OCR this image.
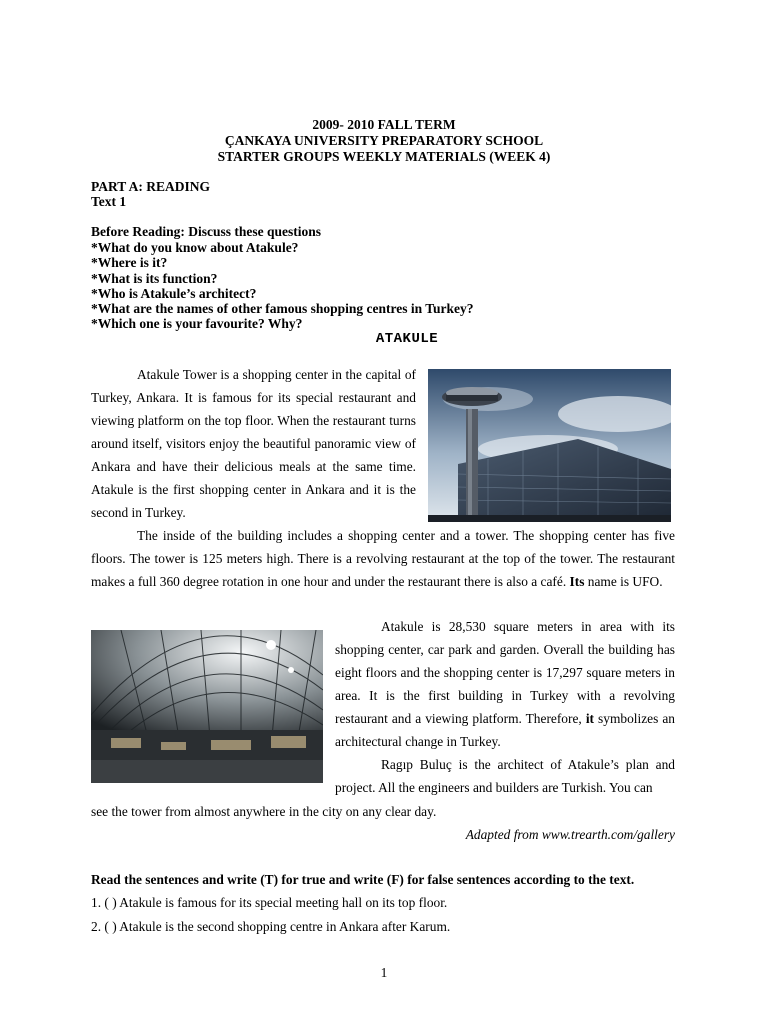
2009- 2010 FALL TERM
ÇANKAYA UNIVERSITY PREPARATORY SCHOOL
STARTER GROUPS WEEKLY MATERIALS (WEEK 4)
PART A: READING
Text 1
Before Reading: Discuss these questions
*What do you know about Atakule?
*Where is it?
*What is its function?
*Who is Atakule’s architect?
*What are the names of other famous shopping centres in Turkey?
*Which one is your favourite? Why?
ATAKULE
Atakule Tower is a shopping center in the capital of Turkey, Ankara. It is famous for its special restaurant and viewing platform on the top floor. When the restaurant turns around itself, visitors enjoy the beautiful panoramic view of Ankara and have their delicious meals at the same time. Atakule is the first shopping center in Ankara and it is the second in Turkey.

The inside of the building includes a shopping center and a tower. The shopping center has five floors. The tower is 125 meters high. There is a revolving restaurant at the top of the tower. The restaurant makes a full 360 degree rotation in one hour and under the restaurant there is also a café. Its name is UFO.

Atakule is 28,530 square meters in area with its shopping center, car park and garden. Overall the building has eight floors and the shopping center is 17,297 square meters in area. It is the first building in Turkey with a revolving restaurant and a viewing platform. Therefore, it symbolizes an architectural change in Turkey.

Ragıp Buluç is the architect of Atakule’s plan and project. All the engineers and builders are Turkish. You can
see the tower from almost anywhere in the city on any clear day.
Adapted from www.trearth.com/gallery
Read the sentences and write (T) for true and write (F) for false sentences according to the text.
1. ( ) Atakule is famous for its special meeting hall on its top floor.
2. ( ) Atakule is the second shopping centre in Ankara after Karum.
1
